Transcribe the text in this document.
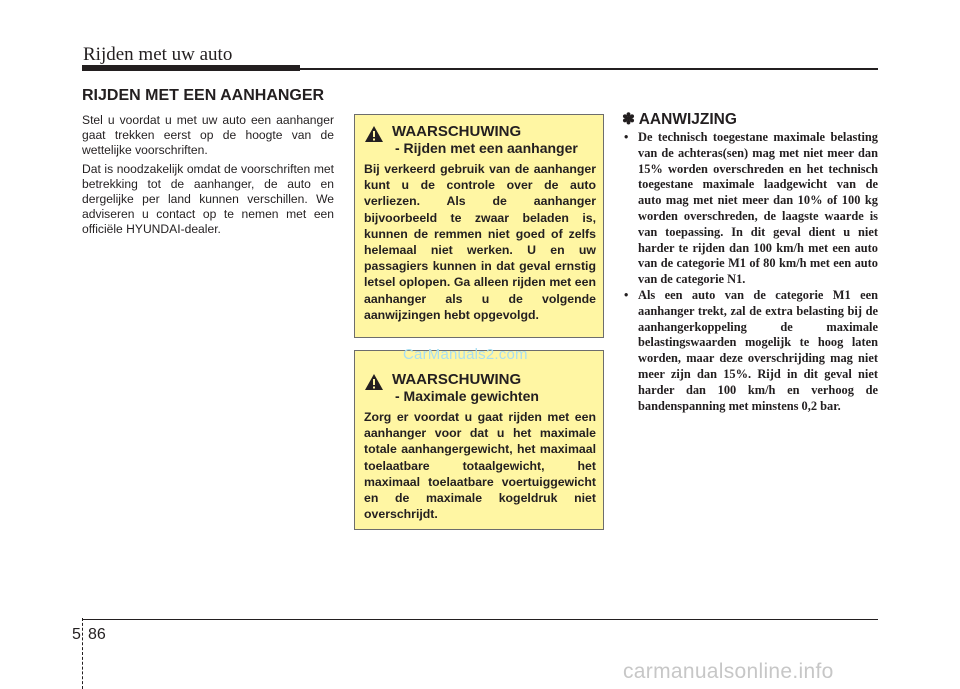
Rijden met uw auto
RIJDEN MET EEN AANHANGER

Stel u voordat u met uw auto een aanhanger gaat trekken eerst op de hoogte van de wettelijke voorschriften.

Dat is noodzakelijk omdat de voorschriften met betrekking tot de aanhanger, de auto en dergelijke per land kunnen verschillen. We adviseren u contact op te nemen met een officiële HYUNDAI-dealer.

WAARSCHUWING
- Rijden met een aanhanger
Bij verkeerd gebruik van de aanhanger kunt u de controle over de auto verliezen. Als de aanhanger bijvoorbeeld te zwaar beladen is, kunnen de remmen niet goed of zelfs helemaal niet werken. U en uw passagiers kunnen in dat geval ernstig letsel oplopen. Ga alleen rijden met een aanhanger als u de volgende aanwijzingen hebt opgevolgd.
WAARSCHUWING
- Maximale gewichten
Zorg er voordat u gaat rijden met een aanhanger voor dat u het maximale totale aanhangergewicht, het maximaal toelaatbare totaalgewicht, het maximaal toelaatbare voertuiggewicht en de maximale kogeldruk niet overschrijdt.
CarManuals2.com
✽ AANWIJZING
• De technisch toegestane maximale belasting van de achteras(sen) mag met niet meer dan 15% worden overschreden en het technisch toegestane maximale laadgewicht van de auto mag met niet meer dan 10% of 100 kg worden overschreden, de laagste waarde is van toepassing. In dit geval dient u niet harder te rijden dan 100 km/h met een auto van de categorie M1 of 80 km/h met een auto van de categorie N1.
• Als een auto van de categorie M1 een aanhanger trekt, zal de extra belasting bij de aanhangerkoppeling de maximale belastingswaarden mogelijk te hoog laten worden, maar deze overschrijding mag niet meer zijn dan 15%. Rijd in dit geval niet harder dan 100 km/h en verhoog de bandenspanning met minstens 0,2 bar.
5 86
carmanualsonline.info
